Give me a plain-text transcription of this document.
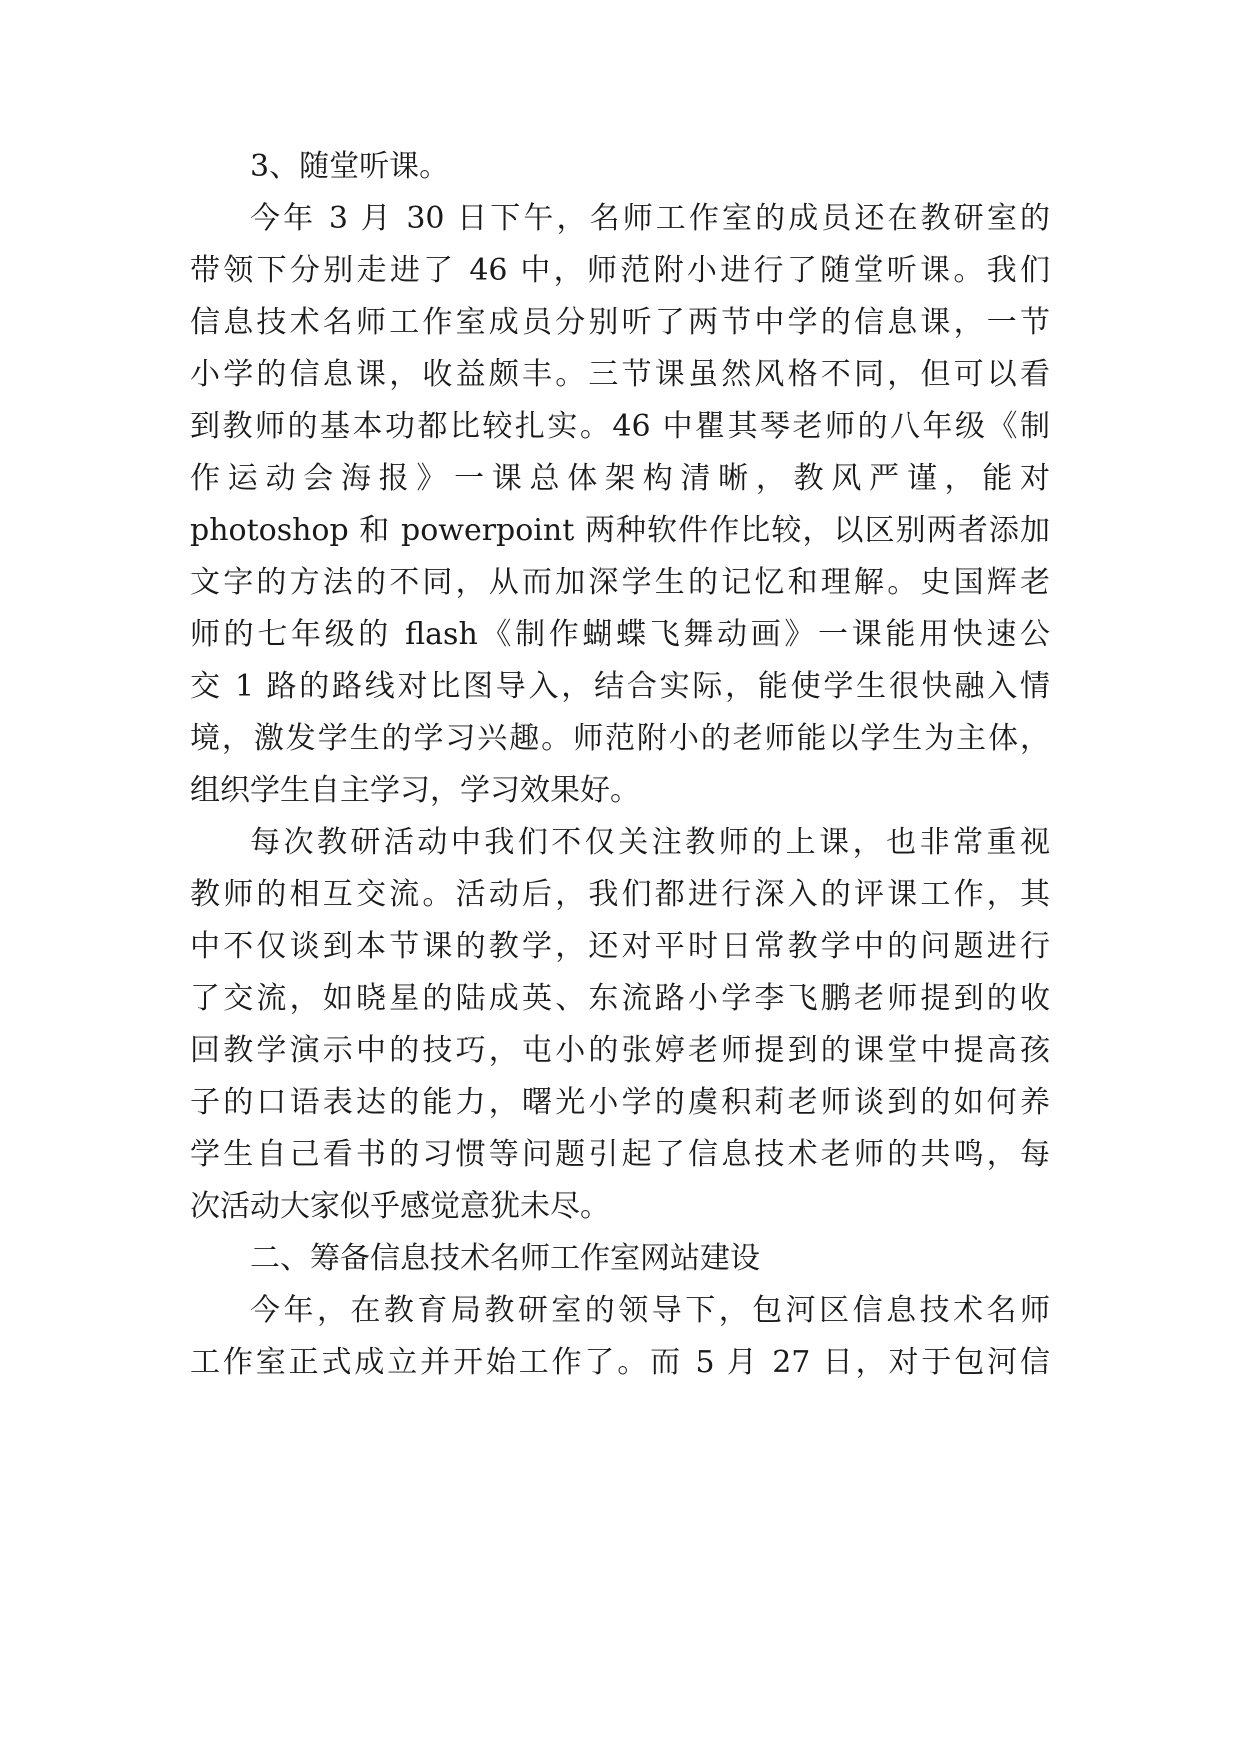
3、随堂听课。
今年 3 月 30 日下午，名师工作室的成员还在教研室的
带领下分别走进了 46 中，师范附小进行了随堂听课。我们
信息技术名师工作室成员分别听了两节中学的信息课，一节
小学的信息课，收益颇丰。三节课虽然风格不同，但可以看
到教师的基本功都比较扎实。46 中瞿其琴老师的八年级《制
作运动会海报》一课总体架构清晰，教风严谨，能对
photoshop 和 powerpoint 两种软件作比较，以区别两者添加
文字的方法的不同，从而加深学生的记忆和理解。史国辉老
师的七年级的 flash《制作蝴蝶飞舞动画》一课能用快速公
交 1 路的路线对比图导入，结合实际，能使学生很快融入情
境，激发学生的学习兴趣。师范附小的老师能以学生为主体，
组织学生自主学习，学习效果好。
每次教研活动中我们不仅关注教师的上课，也非常重视
教师的相互交流。活动后，我们都进行深入的评课工作，其
中不仅谈到本节课的教学，还对平时日常教学中的问题进行
了交流，如晓星的陆成英、东流路小学李飞鹏老师提到的收
回教学演示中的技巧，屯小的张婷老师提到的课堂中提高孩
子的口语表达的能力，曙光小学的虞积莉老师谈到的如何养
学生自己看书的习惯等问题引起了信息技术老师的共鸣，每
次活动大家似乎感觉意犹未尽。
二、筹备信息技术名师工作室网站建设
今年，在教育局教研室的领导下，包河区信息技术名师
工作室正式成立并开始工作了。而 5 月 27 日，对于包河信
